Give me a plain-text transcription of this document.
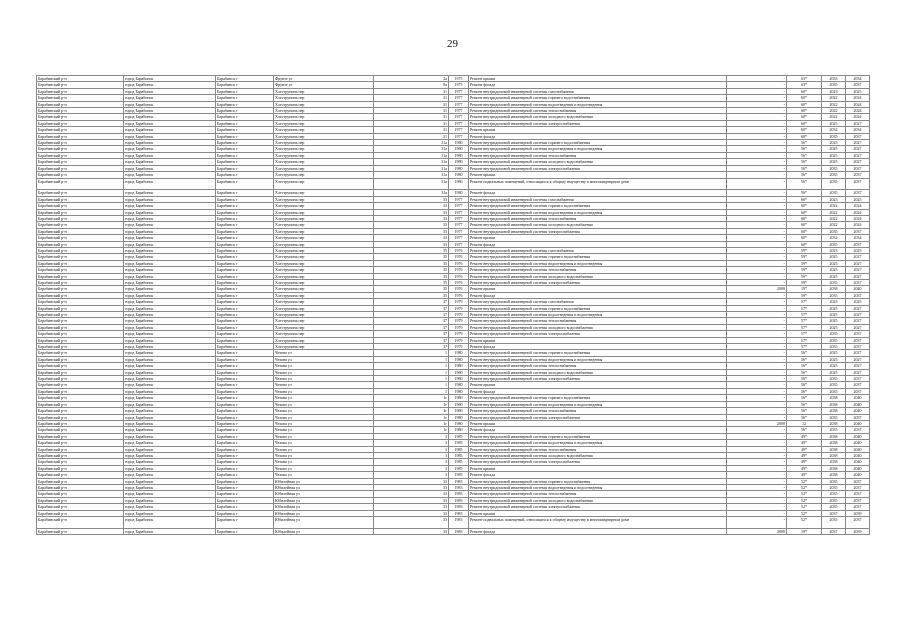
29
Барабинский р-н	город Барабинск	Барабинск г	Фрунзе ул	2а	1975	Ремонт крыши	-	63*	2033	2034
Барабинский р-н	город Барабинск	Барабинск г	Фрунзе ул	8а	1975	Ремонт фасада	-	63*	2035	2037
Барабинский р-н	город Барабинск	Барабинск г	Хлеструпина пер	31	1977	Ремонт внутридомовой инженерной системы газоснабжения	-	60*	2023	2025
Барабинский р-н	город Барабинск	Барабинск г	Хлеструпина пер	31	1977	Ремонт внутридомовой инженерной системы горячего водоснабжения	-	60*	2022	2024
Барабинский р-н	город Барабинск	Барабинск г	Хлеструпина пер	31	1977	Ремонт внутридомовой инженерной системы водоотведения и водоотведения	-	60*	2022	2024
Барабинский р-н	город Барабинск	Барабинск г	Хлеструпина пер	31	1977	Ремонт внутридомовой инженерной системы теплоснабжения	-	60*	2022	2024
Барабинский р-н	город Барабинск	Барабинск г	Хлеструпина пер	31	1977	Ремонт внутридомовой инженерной системы холодного водоснабжения	-	60*	2022	2024
Барабинский р-н	город Барабинск	Барабинск г	Хлеструпина пер	31	1977	Ремонт внутридомовой инженерной системы электроснабжения	-	60*	2025	2027
Барабинский р-н	город Барабинск	Барабинск г	Хлеструпина пер	31	1977	Ремонт крыши	-	60*	2032	2034
Барабинский р-н	город Барабинск	Барабинск г	Хлеструпина пер	31	1977	Ремонт фасада	-	60*	2035	2037
Барабинский р-н	город Барабинск	Барабинск г	Хлеструпина пер	31а	1980	Ремонт внутридомовой инженерной системы горячего водоснабжения	-	56*	2025	2027
Барабинский р-н	город Барабинск	Барабинск г	Хлеструпина пер	31а	1980	Ремонт внутридомовой инженерной системы водоотведения и водоотведения	-	56*	2025	2027
Барабинский р-н	город Барабинск	Барабинск г	Хлеструпина пер	31а	1980	Ремонт внутридомовой инженерной системы теплоснабжения	-	56*	2025	2027
Барабинский р-н	город Барабинск	Барабинск г	Хлеструпина пер	31а	1980	Ремонт внутридомовой инженерной системы холодного водоснабжения	-	56*	2025	2027
Барабинский р-н	город Барабинск	Барабинск г	Хлеструпина пер	31а	1980	Ремонт внутридомовой инженерной системы электроснабжения	-	56*	2035	2037
Барабинский р-н	город Барабинск	Барабинск г	Хлеструпина пер	31а	1980	Ремонт крыши	-	56*	2035	2037
Барабинский р-н	город Барабинск	Барабинск г	Хлеструпина пер	31а	1980	Ремонт подвальных помещений, относящихся к общему имуществу в многоквартирном доме	-	56*	2035	2037
Барабинский р-н	город Барабинск	Барабинск г	Хлеструпина пер	31а	1980	Ремонт фасада	-	56*	2035	2037
Барабинский р-н	город Барабинск	Барабинск г	Хлеструпина пер	33	1977	Ремонт внутридомовой инженерной системы газоснабжения	-	60*	2023	2025
Барабинский р-н	город Барабинск	Барабинск г	Хлеструпина пер	33	1977	Ремонт внутридомовой инженерной системы горячего водоснабжения	-	60*	2022	2024
Барабинский р-н	город Барабинск	Барабинск г	Хлеструпина пер	33	1977	Ремонт внутридомовой инженерной системы водоотведения и водоотведения	-	60*	2022	2024
Барабинский р-н	город Барабинск	Барабинск г	Хлеструпина пер	33	1977	Ремонт внутридомовой инженерной системы теплоснабжения	-	60*	2022	2024
Барабинский р-н	город Барабинск	Барабинск г	Хлеструпина пер	33	1977	Ремонт внутридомовой инженерной системы холодного водоснабжения	-	60*	2022	2024
Барабинский р-н	город Барабинск	Барабинск г	Хлеструпина пер	33	1977	Ремонт внутридомовой инженерной системы электроснабжения	-	60*	2035	2037
Барабинский р-н	город Барабинск	Барабинск г	Хлеструпина пер	33	1977	Ремонт крыши	-	60*	2032	2034
Барабинский р-н	город Барабинск	Барабинск г	Хлеструпина пер	33	1977	Ремонт фасада	-	60*	2035	2037
Барабинский р-н	город Барабинск	Барабинск г	Хлеструпина пер	35	1976	Ремонт внутридомовой инженерной системы газоснабжения	-	59*	2023	2025
Барабинский р-н	город Барабинск	Барабинск г	Хлеструпина пер	35	1976	Ремонт внутридомовой инженерной системы горячего водоснабжения	-	59*	2025	2027
Барабинский р-н	город Барабинск	Барабинск г	Хлеструпина пер	35	1976	Ремонт внутридомовой инженерной системы водоотведения и водоотведения	-	59*	2025	2027
Барабинский р-н	город Барабинск	Барабинск г	Хлеструпина пер	35	1976	Ремонт внутридомовой инженерной системы теплоснабжения	-	59*	2025	2027
Барабинский р-н	город Барабинск	Барабинск г	Хлеструпина пер	35	1976	Ремонт внутридомовой инженерной системы холодного водоснабжения	-	59*	2025	2027
Барабинский р-н	город Барабинск	Барабинск г	Хлеструпина пер	35	1976	Ремонт внутридомовой инженерной системы электроснабжения	-	59*	2035	2037
Барабинский р-н	город Барабинск	Барабинск г	Хлеструпина пер	35	1976	Ремонт крыши	2008	19*	2038	2040
Барабинский р-н	город Барабинск	Барабинск г	Хлеструпина пер	35	1976	Ремонт фасада	-	59*	2035	2037
Барабинский р-н	город Барабинск	Барабинск г	Хлеструпина пер	37	1979	Ремонт внутридомовой инженерной системы газоснабжения	-	57*	2023	2025
Барабинский р-н	город Барабинск	Барабинск г	Хлеструпина пер	37	1979	Ремонт внутридомовой инженерной системы горячего водоснабжения	-	57*	2025	2027
Барабинский р-н	город Барабинск	Барабинск г	Хлеструпина пер	37	1979	Ремонт внутридомовой инженерной системы водоотведения и водоотведения	-	57*	2025	2027
Барабинский р-н	город Барабинск	Барабинск г	Хлеструпина пер	37	1979	Ремонт внутридомовой инженерной системы теплоснабжения	-	57*	2025	2027
Барабинский р-н	город Барабинск	Барабинск г	Хлеструпина пер	37	1979	Ремонт внутридомовой инженерной системы холодного водоснабжения	-	57*	2025	2027
Барабинский р-н	город Барабинск	Барабинск г	Хлеструпина пер	37	1979	Ремонт внутридомовой инженерной системы электроснабжения	-	57*	2035	2037
Барабинский р-н	город Барабинск	Барабинск г	Хлеструпина пер	37	1979	Ремонт крыши	-	57*	2035	2037
Барабинский р-н	город Барабинск	Барабинск г	Хлеструпина пер	37	1979	Ремонт фасада	-	57*	2035	2037
Барабинский р-н	город Барабинск	Барабинск г	Чехова ул	1	1980	Ремонт внутридомовой инженерной системы горячего водоснабжения	-	56*	2025	2027
Барабинский р-н	город Барабинск	Барабинск г	Чехова ул	1	1980	Ремонт внутридомовой инженерной системы водоотведения и водоотведения	-	56*	2025	2027
Барабинский р-н	город Барабинск	Барабинск г	Чехова ул	1	1980	Ремонт внутридомовой инженерной системы теплоснабжения	-	56*	2025	2027
Барабинский р-н	город Барабинск	Барабинск г	Чехова ул	1	1980	Ремонт внутридомовой инженерной системы холодного водоснабжения	-	56*	2025	2027
Барабинский р-н	город Барабинск	Барабинск г	Чехова ул	1	1980	Ремонт внутридомовой инженерной системы электроснабжения	-	56*	2035	2037
Барабинский р-н	город Барабинск	Барабинск г	Чехова ул	1	1980	Ремонт крыши	-	56*	2035	2037
Барабинский р-н	город Барабинск	Барабинск г	Чехова ул	1	1980	Ремонт фасада	-	56*	2035	2037
Барабинский р-н	город Барабинск	Барабинск г	Чехова ул	1г	1980	Ремонт внутридомовой инженерной системы горячего водоснабжения	-	56*	2038	2040
Барабинский р-н	город Барабинск	Барабинск г	Чехова ул	1г	1980	Ремонт внутридомовой инженерной системы водоотведения и водоотведения	-	56*	2038	2040
Барабинский р-н	город Барабинск	Барабинск г	Чехова ул	1г	1980	Ремонт внутридомовой инженерной системы теплоснабжения	-	56*	2038	2040
Барабинский р-н	город Барабинск	Барабинск г	Чехова ул	1г	1980	Ремонт внутридомовой инженерной системы электроснабжения	-	56*	2035	2037
Барабинский р-н	город Барабинск	Барабинск г	Чехова ул	1г	1980	Ремонт крыши	2008	12	2038	2040
Барабинский р-н	город Барабинск	Барабинск г	Чехова ул	1г	1980	Ремонт фасада	-	56*	2035	2037
Барабинский р-н	город Барабинск	Барабинск г	Чехова ул	3	1985	Ремонт внутридомовой инженерной системы горячего водоснабжения	-	49*	2038	2040
Барабинский р-н	город Барабинск	Барабинск г	Чехова ул	3	1985	Ремонт внутридомовой инженерной системы водоотведения и водоотведения	-	49*	2038	2040
Барабинский р-н	город Барабинск	Барабинск г	Чехова ул	3	1985	Ремонт внутридомовой инженерной системы теплоснабжения	-	49*	2038	2040
Барабинский р-н	город Барабинск	Барабинск г	Чехова ул	3	1985	Ремонт внутридомовой инженерной системы холодного водоснабжения	-	49*	2038	2040
Барабинский р-н	город Барабинск	Барабинск г	Чехова ул	3	1985	Ремонт внутридомовой инженерной системы электроснабжения	-	49*	2038	2040
Барабинский р-н	город Барабинск	Барабинск г	Чехова ул	3	1985	Ремонт крыши	-	49*	2038	2040
Барабинский р-н	город Барабинск	Барабинск г	Чехова ул	3	1985	Ремонт фасада	-	49*	2038	2040
Барабинский р-н	город Барабинск	Барабинск г	Юбилейная ул	33	1983	Ремонт внутридомовой инженерной системы горячего водоснабжения	-	52*	2035	2037
Барабинский р-н	город Барабинск	Барабинск г	Юбилейная ул	33	1983	Ремонт внутридомовой инженерной системы водоотведения и водоотведения	-	52*	2035	2037
Барабинский р-н	город Барабинск	Барабинск г	Юбилейная ул	33	1983	Ремонт внутридомовой инженерной системы теплоснабжения	-	52*	2035	2037
Барабинский р-н	город Барабинск	Барабинск г	Юбилейная ул	33	1983	Ремонт внутридомовой инженерной системы холодного водоснабжения	-	52*	2035	2037
Барабинский р-н	город Барабинск	Барабинск г	Юбилейная ул	33	1983	Ремонт внутридомовой инженерной системы электроснабжения	-	52*	2035	2037
Барабинский р-н	город Барабинск	Барабинск г	Юбилейная ул	33	1983	Ремонт крыши	-	52*	2037	2039
Барабинский р-н	город Барабинск	Барабинск г	Юбилейная ул	33	1983	Ремонт подвальных помещений, относящихся к общему имуществу в многоквартирном доме	-	52*	2035	2037
Барабинский р-н	город Барабинск	Барабинск г	Юбилейная ул	33	1983	Ремонт фасада	2008	19*	2037	2039
